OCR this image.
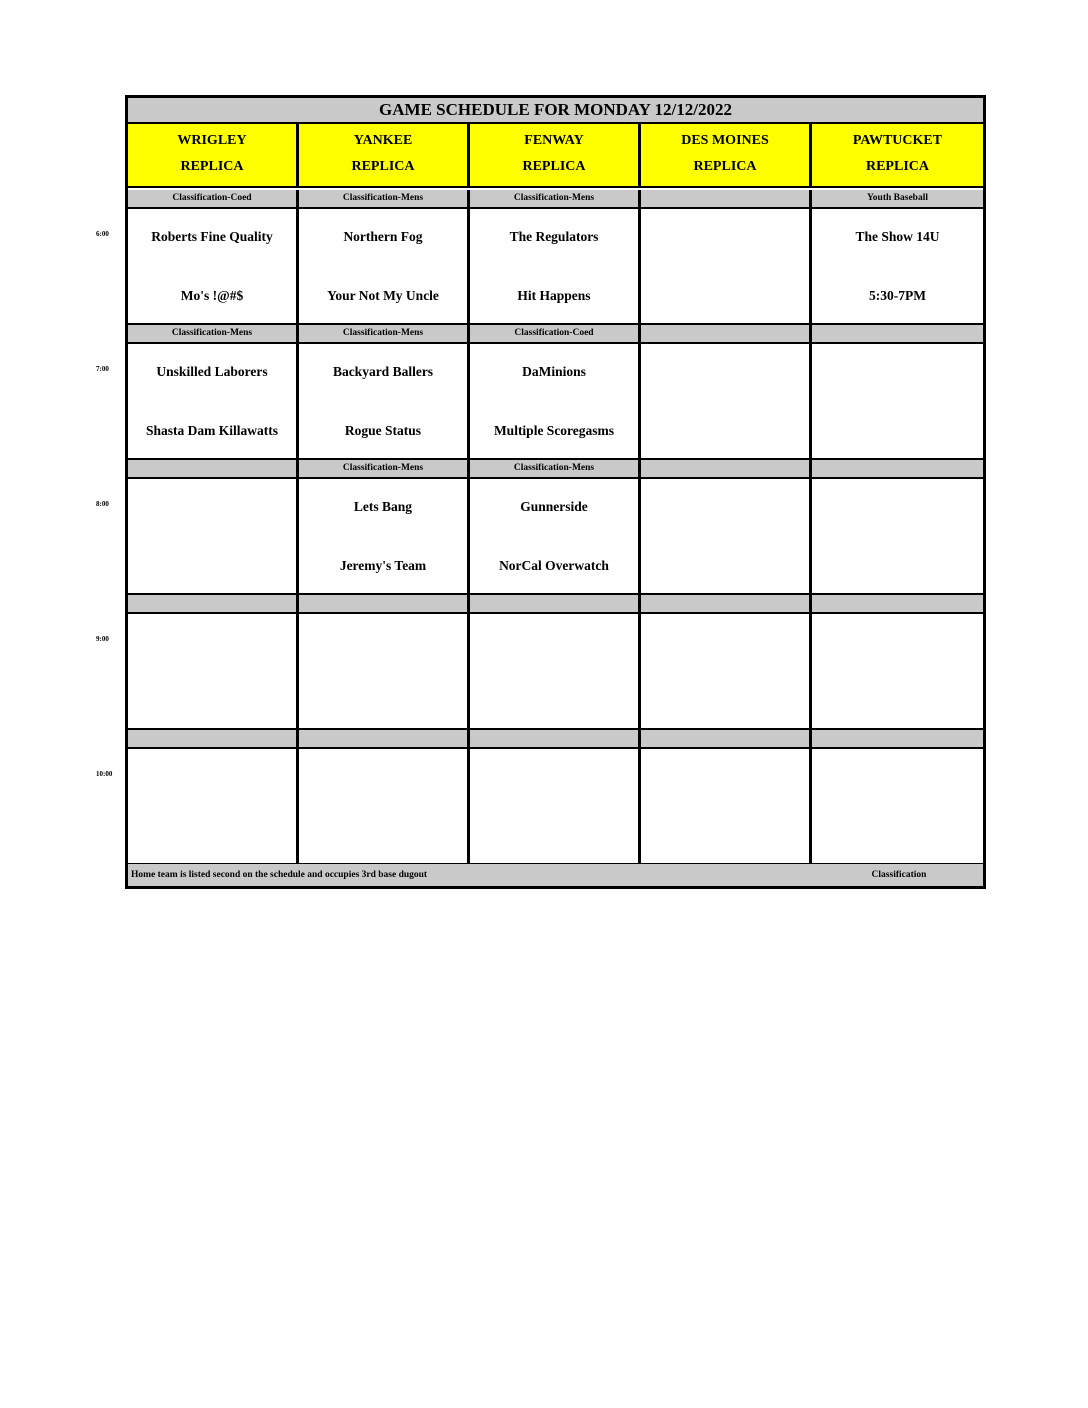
6:00
7:00
8:00
9:00
10:00
GAME SCHEDULE FOR MONDAY 12/12/2022
WRIGLEY
REPLICA
YANKEE
REPLICA
FENWAY
REPLICA
DES MOINES
REPLICA
PAWTUCKET
REPLICA
Classification-Coed
Roberts Fine Quality
Mo's !@#$
Classification-Mens
Northern Fog
Your Not My Uncle
Classification-Mens
The Regulators
Hit Happens
Youth Baseball
The Show 14U
5:30-7PM
Classification-Mens
Unskilled Laborers
Shasta Dam Killawatts
Classification-Mens
Backyard Ballers
Rogue Status
Classification-Coed
DaMinions
Multiple Scoregasms
Classification-Mens
Lets Bang
Jeremy's Team
Classification-Mens
Gunnerside
NorCal Overwatch
Home team is listed second on the schedule and occupies 3rd base dugout	Classification
